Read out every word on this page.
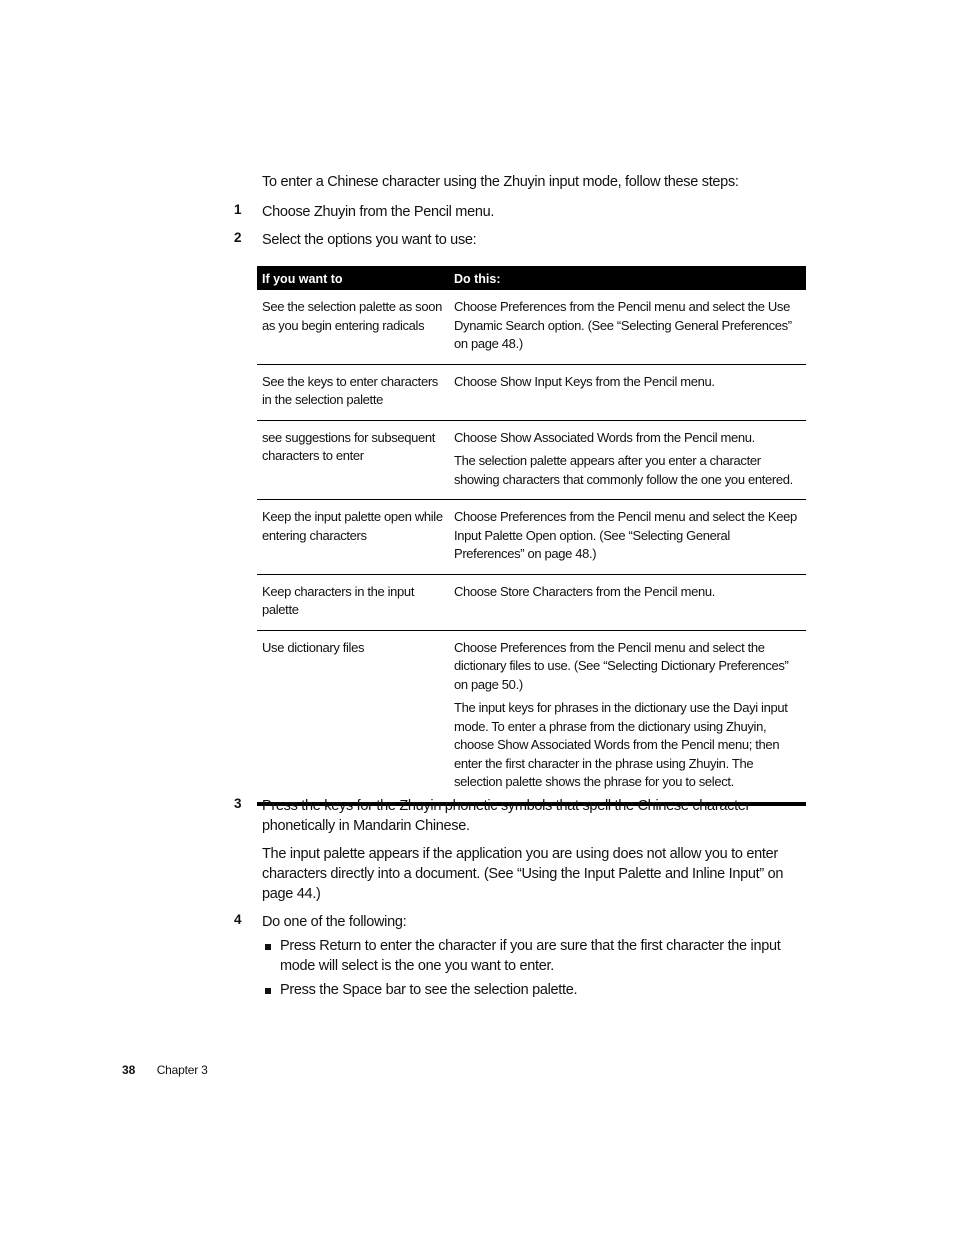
To enter a Chinese character using the Zhuyin input mode, follow these steps:
1	Choose Zhuyin from the Pencil menu.

2	Select the options you want to use:

If you want to	Do this:
See the selection palette as soon as you begin entering radicals	Choose Preferences from the Pencil menu and select the Use Dynamic Search option. (See “Selecting General Preferences” on page 48.)

See the keys to enter characters in the selection palette	Choose Show Input Keys from the Pencil menu.

see suggestions for subsequent characters to enter	Choose Show Associated Words from the Pencil menu.

The selection palette appears after you enter a character showing characters that commonly follow the one you entered.

Keep the input palette open while entering characters	Choose Preferences from the Pencil menu and select the Keep Input Palette Open option. (See “Selecting General Preferences” on page 48.)

Keep characters in the input palette	Choose Store Characters from the Pencil menu.

Use dictionary files	Choose Preferences from the Pencil menu and select the dictionary files to use. (See “Selecting Dictionary Preferences” on page 50.)

The input keys for phrases in the dictionary use the Dayi input mode. To enter a phrase from the dictionary using Zhuyin, choose Show Associated Words from the Pencil menu; then enter the first character in the phrase using Zhuyin. The selection palette shows the phrase for you to select.

3	Press the keys for the Zhuyin phonetic symbols that spell the Chinese character phonetically in Mandarin Chinese.

The input palette appears if the application you are using does not allow you to enter characters directly into a document. (See “Using the Input Palette and Inline Input” on page 44.)

4	Do one of the following:

Press Return to enter the character if you are sure that the first character the input mode will select is the one you want to enter.
Press the Space bar to see the selection palette.
38 Chapter 3
